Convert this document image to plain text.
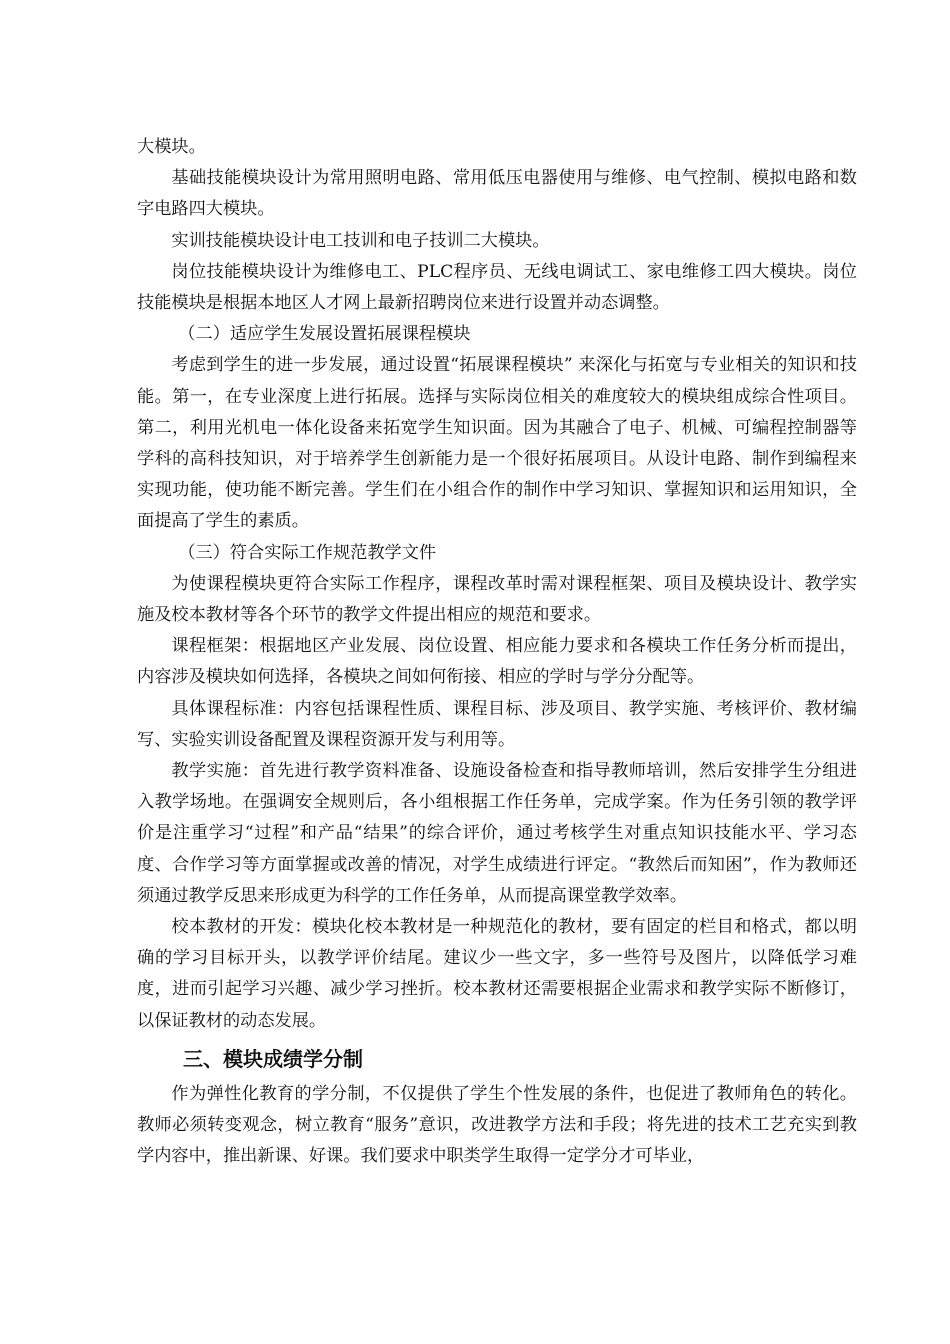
大模块。

基础技能模块设计为常用照明电路、常用低压电器使用与维修、电气控制、模拟电路和数字电路四大模块。

实训技能模块设计电工技训和电子技训二大模块。

岗位技能模块设计为维修电工、PLC程序员、无线电调试工、家电维修工四大模块。岗位技能模块是根据本地区人才网上最新招聘岗位来进行设置并动态调整。

（二）适应学生发展设置拓展课程模块

考虑到学生的进一步发展，通过设置“拓展课程模块” 来深化与拓宽与专业相关的知识和技能。第一，在专业深度上进行拓展。选择与实际岗位相关的难度较大的模块组成综合性项目。第二，利用光机电一体化设备来拓宽学生知识面。因为其融合了电子、机械、可编程控制器等学科的高科技知识，对于培养学生创新能力是一个很好拓展项目。从设计电路、制作到编程来实现功能，使功能不断完善。学生们在小组合作的制作中学习知识、掌握知识和运用知识，全面提高了学生的素质。

（三）符合实际工作规范教学文件

为使课程模块更符合实际工作程序，课程改革时需对课程框架、项目及模块设计、教学实施及校本教材等各个环节的教学文件提出相应的规范和要求。

课程框架：根据地区产业发展、岗位设置、相应能力要求和各模块工作任务分析而提出，内容涉及模块如何选择，各模块之间如何衔接、相应的学时与学分分配等。

具体课程标准：内容包括课程性质、课程目标、涉及项目、教学实施、考核评价、教材编写、实验实训设备配置及课程资源开发与利用等。

教学实施：首先进行教学资料准备、设施设备检查和指导教师培训，然后安排学生分组进入教学场地。在强调安全规则后，各小组根据工作任务单，完成学案。作为任务引领的教学评价是注重学习“过程”和产品“结果”的综合评价，通过考核学生对重点知识技能水平、学习态度、合作学习等方面掌握或改善的情况，对学生成绩进行评定。“教然后而知困”，作为教师还须通过教学反思来形成更为科学的工作任务单，从而提高课堂教学效率。

校本教材的开发：模块化校本教材是一种规范化的教材，要有固定的栏目和格式，都以明确的学习目标开头，以教学评价结尾。建议少一些文字，多一些符号及图片，以降低学习难度，进而引起学习兴趣、减少学习挫折。校本教材还需要根据企业需求和教学实际不断修订，以保证教材的动态发展。

三、模块成绩学分制

作为弹性化教育的学分制，不仅提供了学生个性发展的条件，也促进了教师角色的转化。教师必须转变观念，树立教育“服务”意识，改进教学方法和手段；将先进的技术工艺充实到教学内容中，推出新课、好课。我们要求中职类学生取得一定学分才可毕业，
